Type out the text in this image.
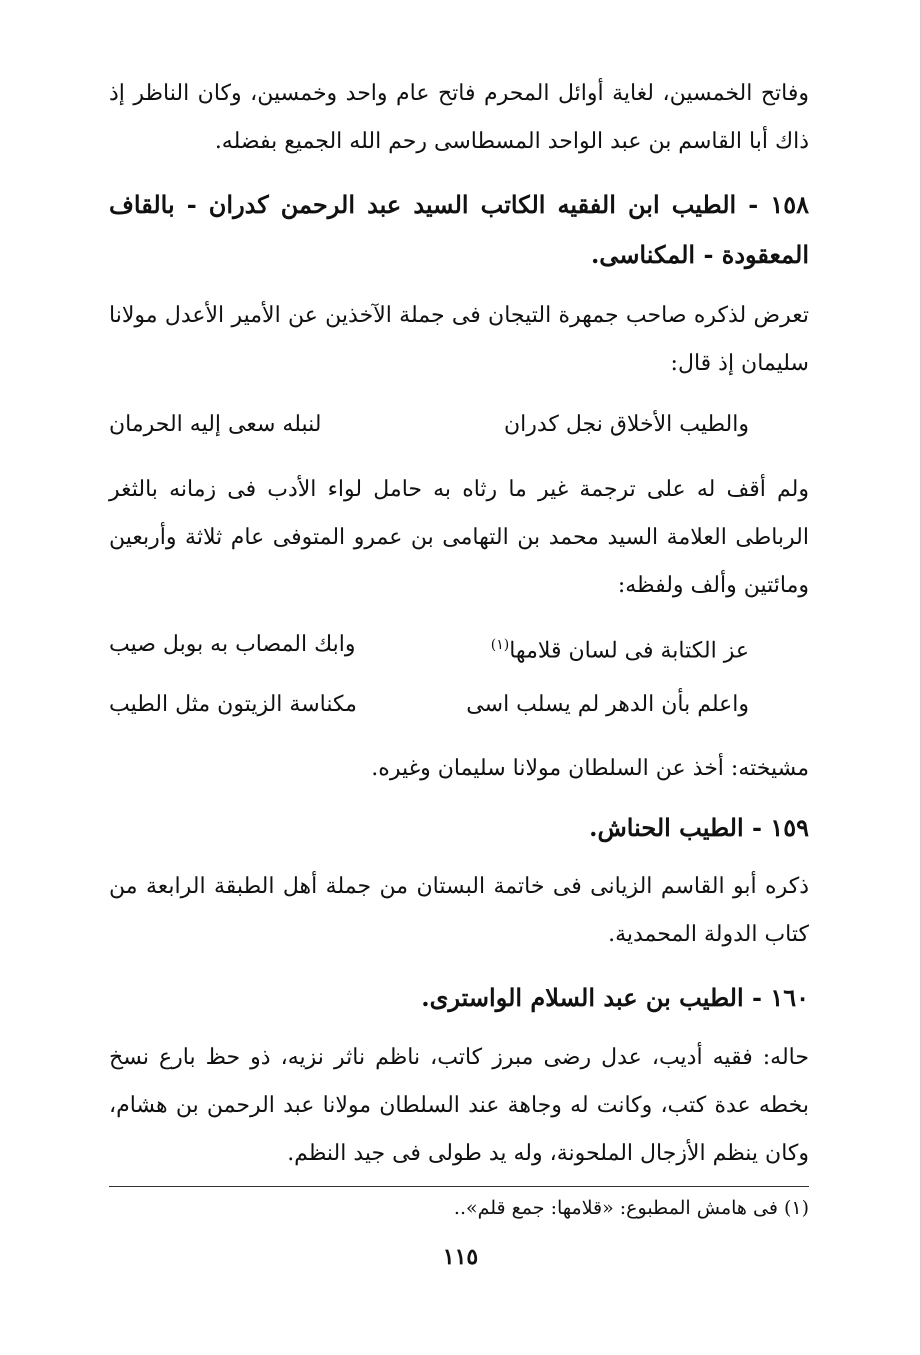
وفاتح الخمسين، لغاية أوائل المحرم فاتح عام واحد وخمسين، وكان الناظر إذ ذاك أبا القاسم بن عبد الواحد المسطاسى رحم الله الجميع بفضله.
١٥٨ - الطيب ابن الفقيه الكاتب السيد عبد الرحمن كدران - بالقاف المعقودة - المكناسى.
تعرض لذكره صاحب جمهرة التيجان فى جملة الآخذين عن الأمير الأعدل مولانا سليمان إذ قال:
والطيب الأخلاق نجل كدران
لنبله سعى إليه الحرمان
ولم أقف له على ترجمة غير ما رثاه به حامل لواء الأدب فى زمانه بالثغر الرباطى العلامة السيد محمد بن التهامى بن عمرو المتوفى عام ثلاثة وأربعين ومائتين وألف ولفظه:
عز الكتابة فى لسان قلامها$^{(١)}$
وابك المصاب به بوبل صيب
واعلم بأن الدهر لم يسلب اسى
مكناسة الزيتون مثل الطيب
مشيخته: أخذ عن السلطان مولانا سليمان وغيره.
١٥٩ - الطيب الحناش.
ذكره أبو القاسم الزيانى فى خاتمة البستان من جملة أهل الطبقة الرابعة من كتاب الدولة المحمدية.
١٦٠ - الطيب بن عبد السلام الواسترى.
حاله: فقيه أديب، عدل رضى مبرز كاتب، ناظم ناثر نزيه، ذو حظ بارع نسخ بخطه عدة كتب، وكانت له وجاهة عند السلطان مولانا عبد الرحمن بن هشام، وكان ينظم الأزجال الملحونة، وله يد طولى فى جيد النظم.
(١) فى هامش المطبوع: «قلامها: جمع قلم»..
١١٥
